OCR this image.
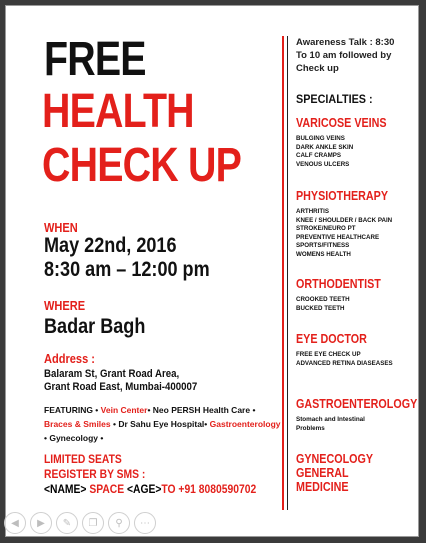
FREE
HEALTH
CHECK UP
WHEN
May 22nd, 2016
8:30 am – 12:00 pm
WHERE
Badar Bagh
Address :
Balaram St, Grant Road Area,
Grant Road East, Mumbai-400007
FEATURING • Vein Center• Neo PERSH Health Care • Braces & Smiles • Dr Sahu Eye Hospital• Gastroenterology • Gynecology •
LIMITED SEATS
REGISTER BY SMS :
<NAME> SPACE <AGE>TO +91 8080590702
Awareness Talk : 8:30
To 10 am followed by
Check up
SPECIALTIES :
VARICOSE VEINS
BULGING VEINS
DARK ANKLE SKIN
CALF CRAMPS
VENOUS ULCERS
PHYSIOTHERAPY
ARTHRITIS
KNEE / SHOULDER / BACK PAIN
STROKE/NEURO PT
PREVENTIVE HEALTHCARE
SPORTS/FITNESS
WOMENS HEALTH
ORTHODENTIST
CROOKED TEETH
BUCKED TEETH
EYE DOCTOR
FREE EYE CHECK UP
ADVANCED RETINA DIASEASES
GASTROENTEROLOGY
Stomach and Intestinal
Problems
GYNECOLOGY
GENERAL
MEDICINE
◀	▶	✎	❐	⚲	⋯
